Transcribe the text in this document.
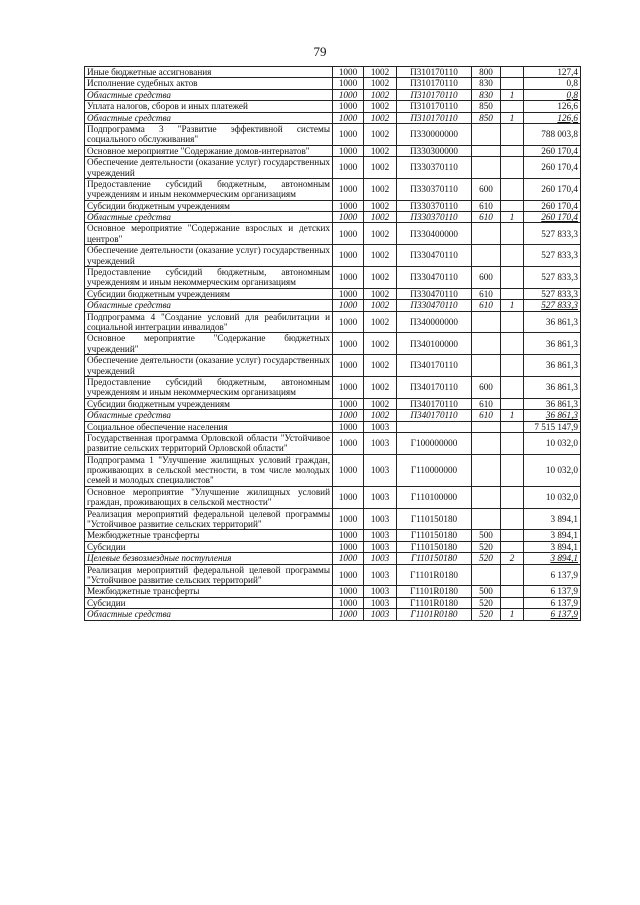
79
Иные бюджетные ассигнования	1000	1002	П310170110	800		127,4
Исполнение судебных актов	1000	1002	П310170110	830		0,8
Областные средства	1000	1002	П310170110	830	1	0,8
Уплата налогов, сборов и иных платежей	1000	1002	П310170110	850		126,6
Областные средства	1000	1002	П310170110	850	1	126,6
Подпрограмма 3 "Развитие эффективной системы социального обслуживания"	1000	1002	П330000000			788 003,8
Основное мероприятие "Содержание домов-интернатов"	1000	1002	П330300000			260 170,4
Обеспечение деятельности (оказание услуг) государственных учреждений	1000	1002	П330370110			260 170,4
Предоставление субсидий бюджетным, автономным учреждениям и иным некоммерческим организациям	1000	1002	П330370110	600		260 170,4
Субсидии бюджетным учреждениям	1000	1002	П330370110	610		260 170,4
Областные средства	1000	1002	П330370110	610	1	260 170,4
Основное мероприятие "Содержание взрослых и детских центров"	1000	1002	П330400000			527 833,3
Обеспечение деятельности (оказание услуг) государственных учреждений	1000	1002	П330470110			527 833,3
Предоставление субсидий бюджетным, автономным учреждениям и иным некоммерческим организациям	1000	1002	П330470110	600		527 833,3
Субсидии бюджетным учреждениям	1000	1002	П330470110	610		527 833,3
Областные средства	1000	1002	П330470110	610	1	527 833,3
Подпрограмма 4 "Создание условий для реабилитации и социальной интеграции инвалидов"	1000	1002	П340000000			36 861,3
Основное мероприятие "Содержание бюджетных учреждений"	1000	1002	П340100000			36 861,3
Обеспечение деятельности (оказание услуг) государственных учреждений	1000	1002	П340170110			36 861,3
Предоставление субсидий бюджетным, автономным учреждениям и иным некоммерческим организациям	1000	1002	П340170110	600		36 861,3
Субсидии бюджетным учреждениям	1000	1002	П340170110	610		36 861,3
Областные средства	1000	1002	П340170110	610	1	36 861,3
Социальное обеспечение населения	1000	1003				7 515 147,9
Государственная программа Орловской области "Устойчивое развитие сельских территорий Орловской области"	1000	1003	Г100000000			10 032,0
Подпрограмма 1 "Улучшение жилищных условий граждан, проживающих в сельской местности, в том числе молодых семей и молодых специалистов"	1000	1003	Г110000000			10 032,0
Основное мероприятие "Улучшение жилищных условий граждан, проживающих в сельской местности"	1000	1003	Г110100000			10 032,0
Реализация мероприятий федеральной целевой программы "Устойчивое развитие сельских территорий"	1000	1003	Г110150180			3 894,1
Межбюджетные трансферты	1000	1003	Г110150180	500		3 894,1
Субсидии	1000	1003	Г110150180	520		3 894,1
Целевые безвозмездные поступления	1000	1003	Г110150180	520	2	3 894,1
Реализация мероприятий федеральной целевой программы "Устойчивое развитие сельских территорий"	1000	1003	Г1101R0180			6 137,9
Межбюджетные трансферты	1000	1003	Г1101R0180	500		6 137,9
Субсидии	1000	1003	Г1101R0180	520		6 137,9
Областные средства	1000	1003	Г1101R0180	520	1	6 137,9
